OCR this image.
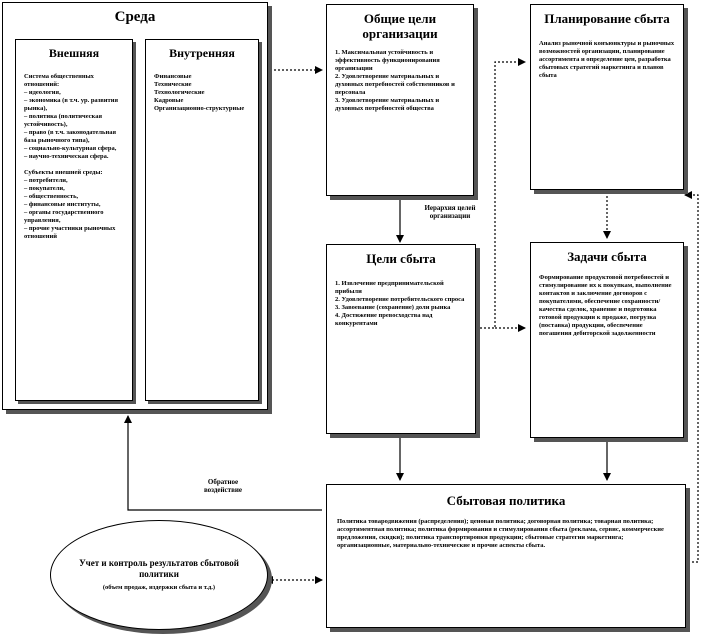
Среда
Внешняя
Система общественных отношений:
– идеология,
– экономика (в т.ч. ур. развития рынка),
– политика (политическая устойчивость),
– право (в т.ч. законодательная база рыночного типа),
– социально-культурная сфера,
– научно-техническая сфера.
Субъекты внешней среды:
– потребители,
– покупатели,
– общественность,
– финансовые институты,
– органы государственного управления,
– прочие участники рыночных отношений
Внутренняя
Финансовые
Технические
Технологические
Кадровые
Организационно-структурные
Общие цели организации
1. Максимальная устойчивость и эффективность функционирования организации
2. Удовлетворение материальных и духовных потребностей собственников и персонала
3. Удовлетворение материальных и духовных потребностей общества
Планирование сбыта
Анализ рыночной конъюнктуры и рыночных возможностей организации, планирование ассортимента и определение цен, разработка сбытовых стратегий маркетинга и планов сбыта
Иерархия целей организации
Цели сбыта
1. Извлечение предпринимательской прибыли
2. Удовлетворение потребительского спроса
3. Завоевание (сохранение) доли рынка
4. Достижение превосходства над конкурентами
Задачи сбыта
Формирование продуктовой потребностей и стимулирование их к покупкам, выполнение контактов и заключение договоров с покупателями, обеспечение сохранности/качества сделок, хранение и подготовка готовой продукции к продаже, погрузка (поставка) продукции, обеспечение погашения дебиторской задолженности
Обратное воздействие
Сбытовая политика
Политика товародвижения (распределения); ценовая политика; договорная политика; товарная политика; ассортиментная политика; политика формирования и стимулирования сбыта (реклама, сервис, коммерческие предложения, скидки); политика транспортировки продукции; сбытовые стратегии маркетинга; организационные, материально-технические и прочие аспекты сбыта.
Учет и контроль результатов сбытовой политики
(объем продаж, издержки сбыта и т.д.)
